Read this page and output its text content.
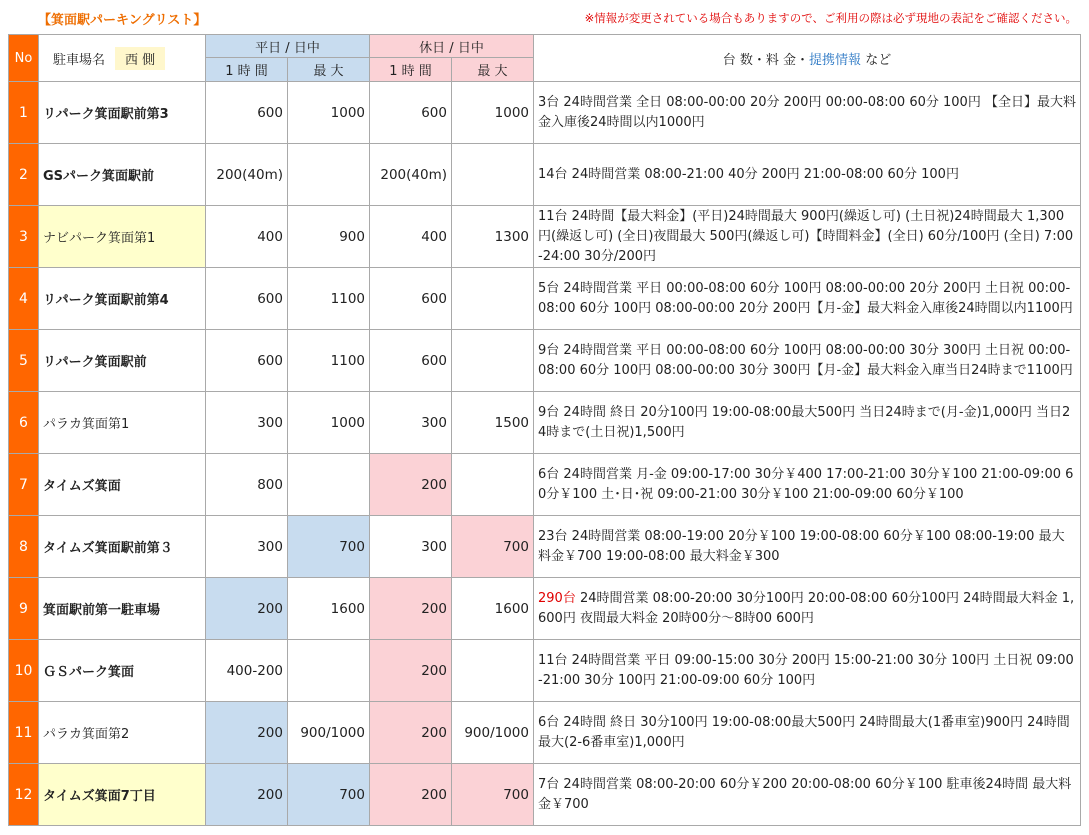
【箕面駅パーキングリスト】	※情報が変更されている場合もありますので、ご利用の際は必ず現地の表記をご確認ください。
No	駐車場名 西 側	平日 / 日中		休日 / 日中		台 数・料 金・提携情報 など
		1 時 間	最 大	1 時 間	最 大	
1	リパーク箕面駅前第3	600	1000	600	1000	3台 24時間営業 全日 08:00-00:00 20分 200円 00:00-08:00 60分 100円 【全日】最大料金入庫後24時間以内1000円
2	GSパーク箕面駅前	200(40m)		200(40m)		14台 24時間営業 08:00-21:00 40分 200円 21:00-08:00 60分 100円
3	ナビパーク箕面第1	400	900	400	1300	11台 24時間【最大料金】(平日)24時間最大 900円(繰返し可) (土日祝)24時間最大 1,300円(繰返し可) (全日)夜間最大 500円(繰返し可)【時間料金】(全日) 60分/100円 (全日) 7:00-24:00 30分/200円
4	リパーク箕面駅前第4	600	1100	600		5台 24時間営業 平日 00:00-08:00 60分 100円 08:00-00:00 20分 200円 土日祝 00:00-08:00 60分 100円 08:00-00:00 20分 200円【月-金】最大料金入庫後24時間以内1100円
5	リパーク箕面駅前	600	1100	600		9台 24時間営業 平日 00:00-08:00 60分 100円 08:00-00:00 30分 300円 土日祝 00:00-08:00 60分 100円 08:00-00:00 30分 300円【月-金】最大料金入庫当日24時まで1100円
6	パラカ箕面第1	300	1000	300	1500	9台 24時間 終日 20分100円 19:00-08:00最大500円 当日24時まで(月-金)1,000円 当日24時まで(土日祝)1,500円
7	タイムズ箕面	800		200		6台 24時間営業 月-金 09:00-17:00 30分￥400 17:00-21:00 30分￥100 21:00-09:00 60分￥100 土･日･祝 09:00-21:00 30分￥100 21:00-09:00 60分￥100
8	タイムズ箕面駅前第３	300	700	300	700	23台 24時間営業 08:00-19:00 20分￥100 19:00-08:00 60分￥100 08:00-19:00 最大料金￥700 19:00-08:00 最大料金￥300
9	箕面駅前第一駐車場	200	1600	200	1600	290台 24時間営業 08:00-20:00 30分100円 20:00-08:00 60分100円 24時間最大料金 1,600円 夜間最大料金 20時00分～8時00 600円
10	ＧＳパーク箕面	400-200		200		11台 24時間営業 平日 09:00-15:00 30分 200円 15:00-21:00 30分 100円 土日祝 09:00-21:00 30分 100円 21:00-09:00 60分 100円
11	パラカ箕面第2	200	900/1000	200	900/1000	6台 24時間 終日 30分100円 19:00-08:00最大500円 24時間最大(1番車室)900円 24時間最大(2-6番車室)1,000円
12	タイムズ箕面7丁目	200	700	200	700	7台 24時間営業 08:00-20:00 60分￥200 20:00-08:00 60分￥100 駐車後24時間 最大料金￥700
